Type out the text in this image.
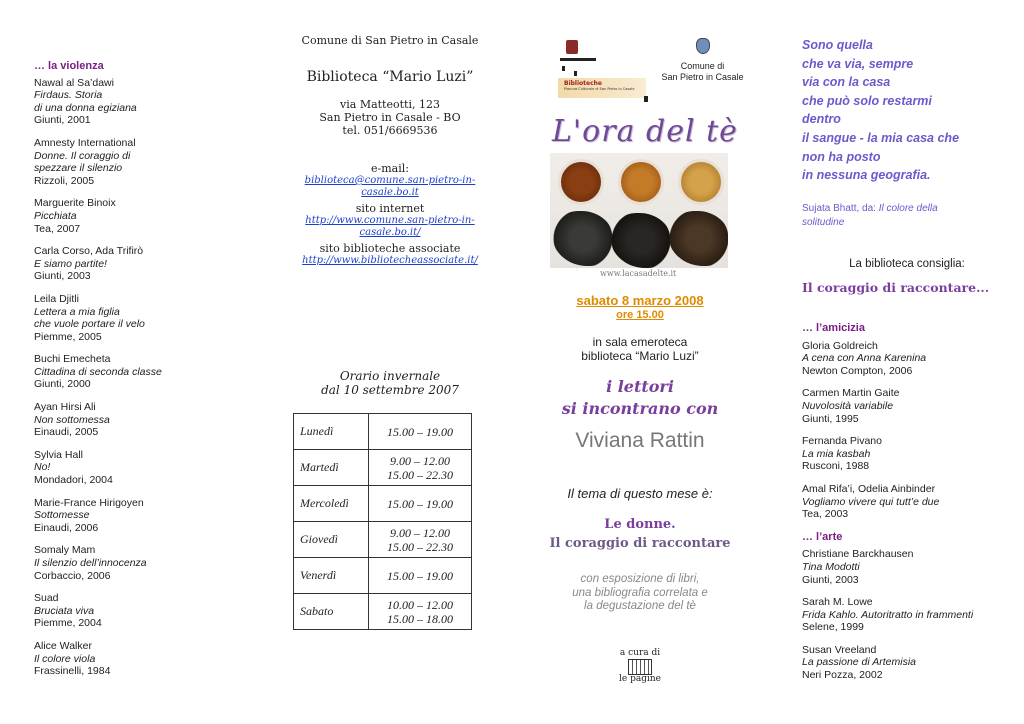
… la violenza
Nawal al Sa’dawi
Firdaus. Storia
di una donna egiziana
Giunti, 2001
Amnesty International
Donne. Il coraggio di
spezzare il silenzio
Rizzoli, 2005
Marguerite Binoix
Picchiata
Tea, 2007
Carla Corso, Ada Trifirò
E siamo partite!
Giunti, 2003
Leila Djitli
Lettera a mia figlia
che vuole portare il velo
Piemme, 2005
Buchi Emecheta
Cittadina di seconda classe
Giunti, 2000
Ayan Hirsi Ali
Non sottomessa
Einaudi, 2005
Sylvia Hall
No!
Mondadori, 2004
Marie-France Hirigoyen
Sottomesse
Einaudi, 2006
Somaly Mam
Il silenzio dell’innocenza
Corbaccio, 2006
Suad
Bruciata viva
Piemme, 2004
Alice Walker
Il colore viola
Frassinelli, 1984
Comune di San Pietro in Casale
Biblioteca “Mario Luzi”
via Matteotti, 123
San Pietro in Casale - BO
tel. 051/6669536
e-mail:
biblioteca@comune.san-pietro-in-
casale.bo.it
sito internet
http://www.comune.san-pietro-in-
casale.bo.it/
sito biblioteche associate
http://www.bibliotecheassociate.it/
Orario invernale
dal 10 settembre 2007
Lunedì	15.00 – 19.00

Martedì	9.00 – 12.00
15.00 – 22.30

Mercoledì	15.00 – 19.00

Giovedì	9.00 – 12.00
15.00 – 22.30

Venerdì	15.00 – 19.00

Sabato	10.00 – 12.00
15.00 – 18.00
Biblioteche
Pianura Culturale di San Pietro in Casale
Comune di
San Pietro in Casale
L'ora del tè
www.lacasadelte.it
sabato 8 marzo 2008
ore 15.00
in sala emeroteca
biblioteca “Mario Luzi”
i lettori
si incontrano con
Viviana Rattin
Il tema di questo mese è:
Le donne.
Il coraggio di raccontare
con esposizione di libri,
una bibliografia correlata e
la degustazione del tè
a cura di
le pagine
Sono quella
che va via, sempre
via con la casa
che può solo restarmi
dentro
il sangue - la mia casa che
non ha posto
in nessuna geografia.
Sujata Bhatt, da: Il colore della
solitudine
La biblioteca consiglia:
Il coraggio di raccontare...
… l’amicizia
Gloria Goldreich
A cena con Anna Karenina
Newton Compton, 2006
Carmen Martin Gaite
Nuvolosità variabile
Giunti, 1995
Fernanda Pivano
La mia kasbah
Rusconi, 1988
Amal Rifa’i, Odelia Ainbinder
Vogliamo vivere qui tutt’e due
Tea, 2003
… l’arte
Christiane Barckhausen
Tina Modotti
Giunti, 2003
Sarah M. Lowe
Frida Kahlo. Autoritratto in frammenti
Selene, 1999
Susan Vreeland
La passione di Artemisia
Neri Pozza, 2002
